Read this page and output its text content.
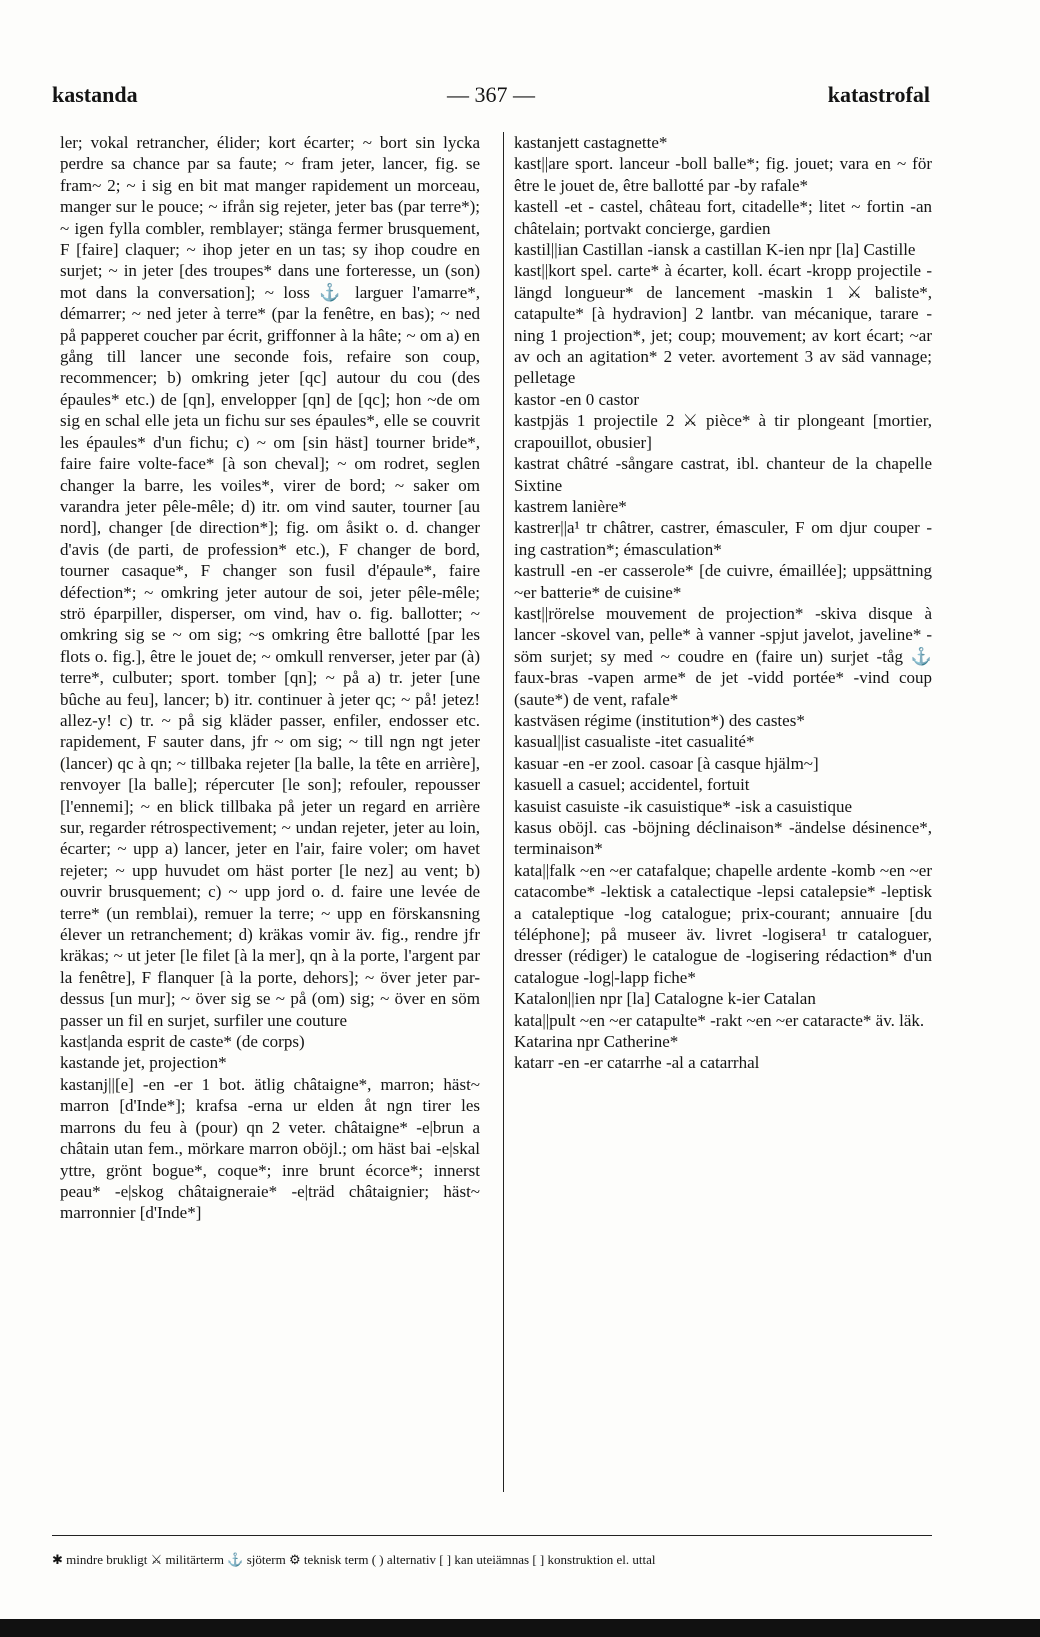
kastanda	— 367 —	katastrofal

ler; vokal retrancher, élider; kort écarter; ~ bort sin lycka perdre sa chance par sa faute; ~ fram jeter, lancer, fig. se fram~ 2; ~ i sig en bit mat manger rapidement un morceau, manger sur le pouce; ~ ifrån sig rejeter, jeter bas (par terre*); ~ igen fylla combler, remblayer; stänga fermer brusquement, F [faire] claquer; ~ ihop jeter en un tas; sy ihop coudre en surjet; ~ in jeter [des troupes* dans une forteresse, un (son) mot dans la conversation]; ~ loss ⚓ larguer l'amarre*, démarrer; ~ ned jeter à terre* (par la fenêtre, en bas); ~ ned på papperet coucher par écrit, griffonner à la hâte; ~ om a) en gång till lancer une seconde fois, refaire son coup, recommencer; b) omkring jeter [qc] autour du cou (des épaules* etc.) de [qn], envelopper [qn] de [qc]; hon ~de om sig en schal elle jeta un fichu sur ses épaules*, elle se couvrit les épaules* d'un fichu; c) ~ om [sin häst] tourner bride*, faire faire volte-face* [à son cheval]; ~ om rodret, seglen changer la barre, les voiles*, virer de bord; ~ saker om varandra jeter pêle-mêle; d) itr. om vind sauter, tourner [au nord], changer [de direction*]; fig. om åsikt o. d. changer d'avis (de parti, de profession* etc.), F changer de bord, tourner casaque*, F changer son fusil d'épaule*, faire défection*; ~ omkring jeter autour de soi, jeter pêle-mêle; strö éparpiller, disperser, om vind, hav o. fig. ballotter; ~ omkring sig se ~ om sig; ~s omkring être ballotté [par les flots o. fig.], être le jouet de; ~ omkull renverser, jeter par (à) terre*, culbuter; sport. tomber [qn]; ~ på a) tr. jeter [une bûche au feu], lancer; b) itr. continuer à jeter qc; ~ på! jetez! allez-y! c) tr. ~ på sig kläder passer, enfiler, endosser etc. rapidement, F sauter dans, jfr ~ om sig; ~ till ngn ngt jeter (lancer) qc à qn; ~ tillbaka rejeter [la balle, la tête en arrière], renvoyer [la balle]; répercuter [le son]; refouler, repousser [l'ennemi]; ~ en blick tillbaka på jeter un regard en arrière sur, regarder rétrospectivement; ~ undan rejeter, jeter au loin, écarter; ~ upp a) lancer, jeter en l'air, faire voler; om havet rejeter; ~ upp huvudet om häst porter [le nez] au vent; b) ouvrir brusquement; c) ~ upp jord o. d. faire une levée de terre* (un remblai), remuer la terre; ~ upp en förskansning élever un retranchement; d) kräkas vomir äv. fig., rendre jfr kräkas; ~ ut jeter [le filet [à la mer], qn à la porte, l'argent par la fenêtre], F flanquer [à la porte, dehors]; ~ över jeter par-dessus [un mur]; ~ över sig se ~ på (om) sig; ~ över en söm passer un fil en surjet, surfiler une couture

kast|anda esprit de caste* (de corps)

kastande jet, projection*

kastanj||[e] -en -er 1 bot. ätlig châtaigne*, marron; häst~ marron [d'Inde*]; krafsa -erna ur elden åt ngn tirer les marrons du feu à (pour) qn 2 veter. châtaigne* -e|brun a châtain utan fem., mörkare marron oböjl.; om häst bai -e|skal yttre, grönt bogue*, coque*; inre brunt écorce*; innerst peau* -e|skog châtaigneraie* -e|träd châtaignier; häst~ marronnier [d'Inde*]

kastanjett castagnette*

kast||are sport. lanceur -boll balle*; fig. jouet; vara en ~ för être le jouet de, être ballotté par -by rafale*

kastell -et - castel, château fort, citadelle*; litet ~ fortin -an châtelain; portvakt concierge, gardien

kastil||ian Castillan -iansk a castillan K-ien npr [la] Castille

kast||kort spel. carte* à écarter, koll. écart -kropp projectile -längd longueur* de lancement -maskin 1 ⚔ baliste*, catapulte* [à hydravion] 2 lantbr. van mécanique, tarare -ning 1 projection*, jet; coup; mouvement; av kort écart; ~ar av och an agitation* 2 veter. avortement 3 av säd vannage; pelletage

kastor -en 0 castor

kastpjäs 1 projectile 2 ⚔ pièce* à tir plongeant [mortier, crapouillot, obusier]

kastrat châtré -sångare castrat, ibl. chanteur de la chapelle Sixtine

kastrem lanière*

kastrer||a¹ tr châtrer, castrer, émasculer, F om djur couper -ing castration*; émasculation*

kastrull -en -er casserole* [de cuivre, émaillée]; uppsättning ~er batterie* de cuisine*

kast||rörelse mouvement de projection* -skiva disque à lancer -skovel van, pelle* à vanner -spjut javelot, javeline* -söm surjet; sy med ~ coudre en (faire un) surjet -tåg ⚓ faux-bras -vapen arme* de jet -vidd portée* -vind coup (saute*) de vent, rafale*

kastväsen régime (institution*) des castes*

kasual||ist casualiste -itet casualité*

kasuar -en -er zool. casoar [à casque hjälm~]

kasuell a casuel; accidentel, fortuit

kasuist casuiste -ik casuistique* -isk a casuistique

kasus oböjl. cas -böjning déclinaison* -ändelse désinence*, terminaison*

kata||falk ~en ~er catafalque; chapelle ardente -komb ~en ~er catacombe* -lektisk a catalectique -lepsi catalepsie* -leptisk a cataleptique -log catalogue; prix-courant; annuaire [du téléphone]; på museer äv. livret -logisera¹ tr cataloguer, dresser (rédiger) le catalogue de -logisering rédaction* d'un catalogue -log|-lapp fiche*

Katalon||ien npr [la] Catalogne k-ier Catalan

kata||pult ~en ~er catapulte* -rakt ~en ~er cataracte* äv. läk.

Katarina npr Catherine*

katarr -en -er catarrhe -al a catarrhal

✱ mindre brukligt ⚔ militärterm ⚓ sjöterm ⚙ teknisk term ( ) alternativ [ ] kan uteiämnas [ ] konstruktion el. uttal
